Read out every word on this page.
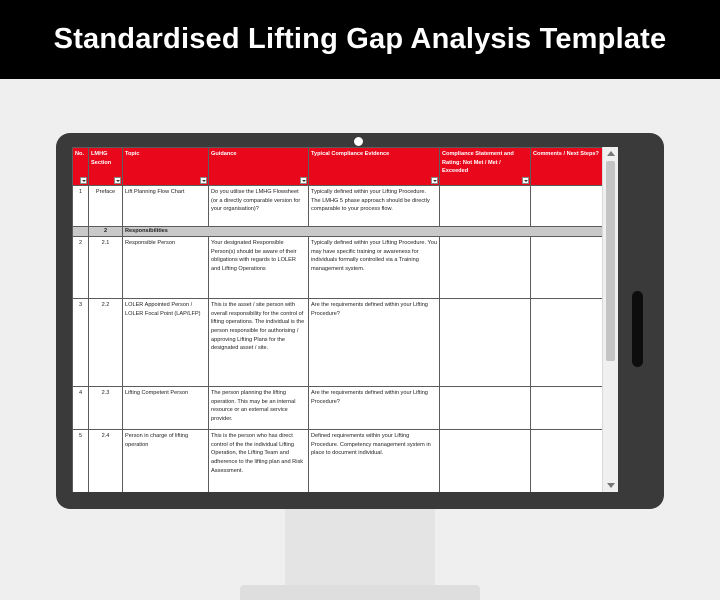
Standardised Lifting Gap Analysis Template
No.	LMHG Section	Topic	Guidance	Typical Compliance Evidence	Compliance Statement and Rating: Not Met / Met / Exceeded	Comments / Next Steps?

1	Preface	Lift Planning Flow Chart	Do you utilise the LMHG Flowsheet (or a directly comparable version for your organisation)?	Typically defined within your Lifting Procedure. The LMHG 5 phase approach should be directly comparable to your process flow.		
	2	Responsibilities				
2	2.1	Responsible Person	Your designated Responsible Person(s) should be aware of their obligations with regards to LOLER and Lifting Operations	Typically defined within your Lifting Procedure. You may have specific training or awareness for individuals formally controlled via a Training management system.		
3	2.2	LOLER Appointed Person / LOLER Focal Point (LAP/LFP)	This is the asset / site person with overall responsibility for the control of lifting operations. The individual is the person responsible for authorising / approving Lifting Plans for the designated asset / site.	Are the requirements defined within your Lifting Procedure?		
4	2.3	Lifting Competent Person	The person planning the lifting operation. This may be an internal resource or an external service provider.	Are the requirements defined within your Lifting Procedure?		
5	2.4	Person in charge of lifting operation	This is the person who has direct control of the the individual Lifting Operation, the Lifting Team and adherence to the lifting plan and Risk Assessment.	Defined requirements within your Lifting Procedure. Competency management system in place to document individual.		
